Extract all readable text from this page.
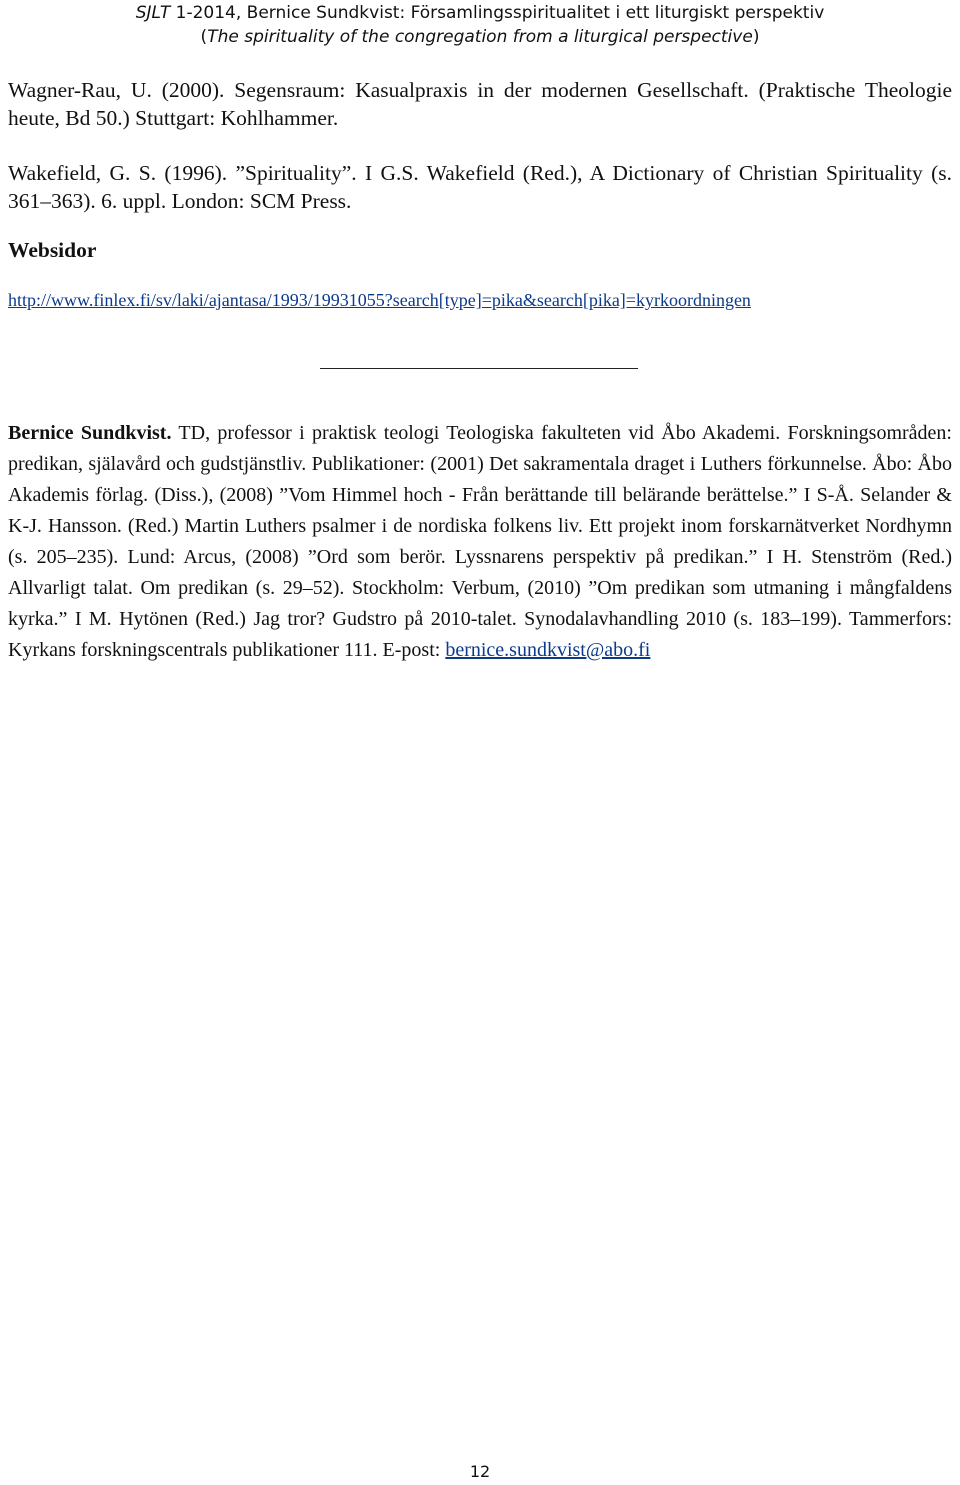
SJLT 1-2014, Bernice Sundkvist: Församlingsspiritualitet i ett liturgiskt perspektiv
(The spirituality of the congregation from a liturgical perspective)

Wagner-Rau, U. (2000). Segensraum: Kasualpraxis in der modernen Gesellschaft. (Praktische Theologie heute, Bd 50.) Stuttgart: Kohlhammer.

Wakefield, G. S. (1996). ”Spirituality”. I G.S. Wakefield (Red.), A Dictionary of Christian Spirituality (s. 361–363). 6. uppl. London: SCM Press.

Websidor

http://www.finlex.fi/sv/laki/ajantasa/1993/19931055?search[type]=pika&search[pika]=kyrkoordningen

Bernice Sundkvist. TD, professor i praktisk teologi Teologiska fakulteten vid Åbo Akademi. Forskningsområden: predikan, själavård och gudstjänstliv. Publikationer: (2001) Det sakramentala draget i Luthers förkunnelse. Åbo: Åbo Akademis förlag. (Diss.), (2008) ”Vom Himmel hoch - Från berättande till belärande berättelse.” I S-Å. Selander & K-J. Hansson. (Red.) Martin Luthers psalmer i de nordiska folkens liv. Ett projekt inom forskarnätverket Nordhymn (s. 205–235). Lund: Arcus, (2008) ”Ord som berör. Lyssnarens perspektiv på predikan.” I H. Stenström (Red.) Allvarligt talat. Om predikan (s. 29–52). Stockholm: Verbum, (2010) ”Om predikan som utmaning i mångfaldens kyrka.” I M. Hytönen (Red.) Jag tror? Gudstro på 2010-talet. Synodalavhandling 2010 (s. 183–199). Tammerfors: Kyrkans forskningscentrals publikationer 111. E-post: bernice.sundkvist@abo.fi
12
